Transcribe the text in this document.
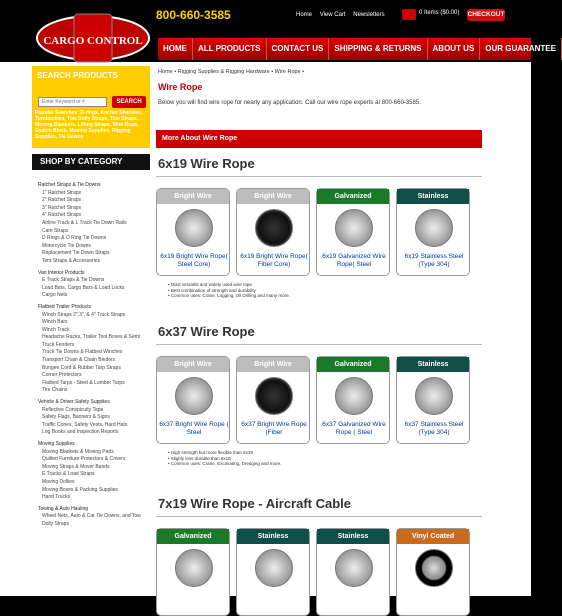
CARGO CONTROL
800-660-3585	Home View Cart Newsletters	0 Items ($0.00) CHECKOUT
HOME	ALL PRODUCTS	CONTACT US	SHIPPING & RETURNS	ABOUT US	OUR GUARANTEE
SEARCH PRODUCTS
Enter Keyword or #
SEARCH
Popular Searches: D-rings, Anchor Shackles, Turnbuckles, Tow Dolly Straps, Tow Straps, Moving Blankets, Lifting Straps, Wire Rope, Snatch Block, Moving Supplies, Rigging Supplies, Tie Downs
SHOP BY CATEGORY
Ratchet Straps & Tie Downs
1" Ratchet Straps
2" Ratchet Straps
3" Ratchet Straps
4" Ratchet Straps
Airline Track & L Track Tie Down Rails
Cam Straps
D Rings & O Ring Tie Downs
Motorcycle Tie Downs
Replacement Tie Down Straps
Tent Straps & Accessories
Van Interior Products
E Track Straps & Tie Downs
Load Bars, Cargo Bars & Load Locks
Cargo Nets
Flatbed Trailer Products
Winch Straps 2",3", & 4" Truck Straps
Winch Bars
Winch Track
Headache Racks, Trailer Tool Boxes & Semi Truck Fenders
Truck Tie Downs & Flatbed Winches
Transport Chain & Chain Binders
Bungee Cord & Rubber Tarp Straps
Corner Protectors
Flatbed Tarps - Steel & Lumber Tarps
Tire Chains
Vehicle & Driver Safety Supplies
Reflective Conspicuity Tape
Safety Flags, Banners & Signs
Traffic Cones, Safety Vests, Hard Hats
Log Books and Inspection Reports
Moving Supplies
Moving Blankets & Moving Pads
Quilted Furniture Protectors & Covers
Moving Straps & Mover Bands
E Tracks & Load Straps
Moving Dollies
Moving Boxes & Packing Supplies
Hand Trucks
Towing & Auto Hauling
Wheel Nets, Auto & Car Tie Downs, and Tow Dolly Straps
Home • Rigging Supplies & Rigging Hardware • Wire Rope •
Wire Rope
Below you will find wire rope for nearly any application. Call our wire rope experts at 800-660-3585.
More About Wire Rope
6x19 Wire Rope
Bright Wire
6x19 Bright Wire Rope( Steel Core)
Bright Wire
6x19 Bright Wire Rope( Fiber Core)
Galvanized
6x19 Galvanized Wire Rope( Steel
Stainless
6x19 Stainless Steel (Type 304)
• Most versatile and widely used wire rope
• Best combination of strength and durability
• Common uses: Crane, Logging, Oil Drilling and many more.
6x37 Wire Rope
Bright Wire
6x37 Bright Wire Rope ( Steel
Bright Wire
6x37 Bright Wire Rope (Fiber
Galvanized
6x37 Galvanized Wire Rope ( Steel
Stainless
6x37 Stainless Steel (Type 304)
• High strength but more flexible than 6x19
• Slighly less durable than 6x19
• Common uses: Crane, Excavating, Dredging and more.
7x19 Wire Rope - Aircraft Cable
Galvanized	Stainless	Stainless	Vinyl Coated
